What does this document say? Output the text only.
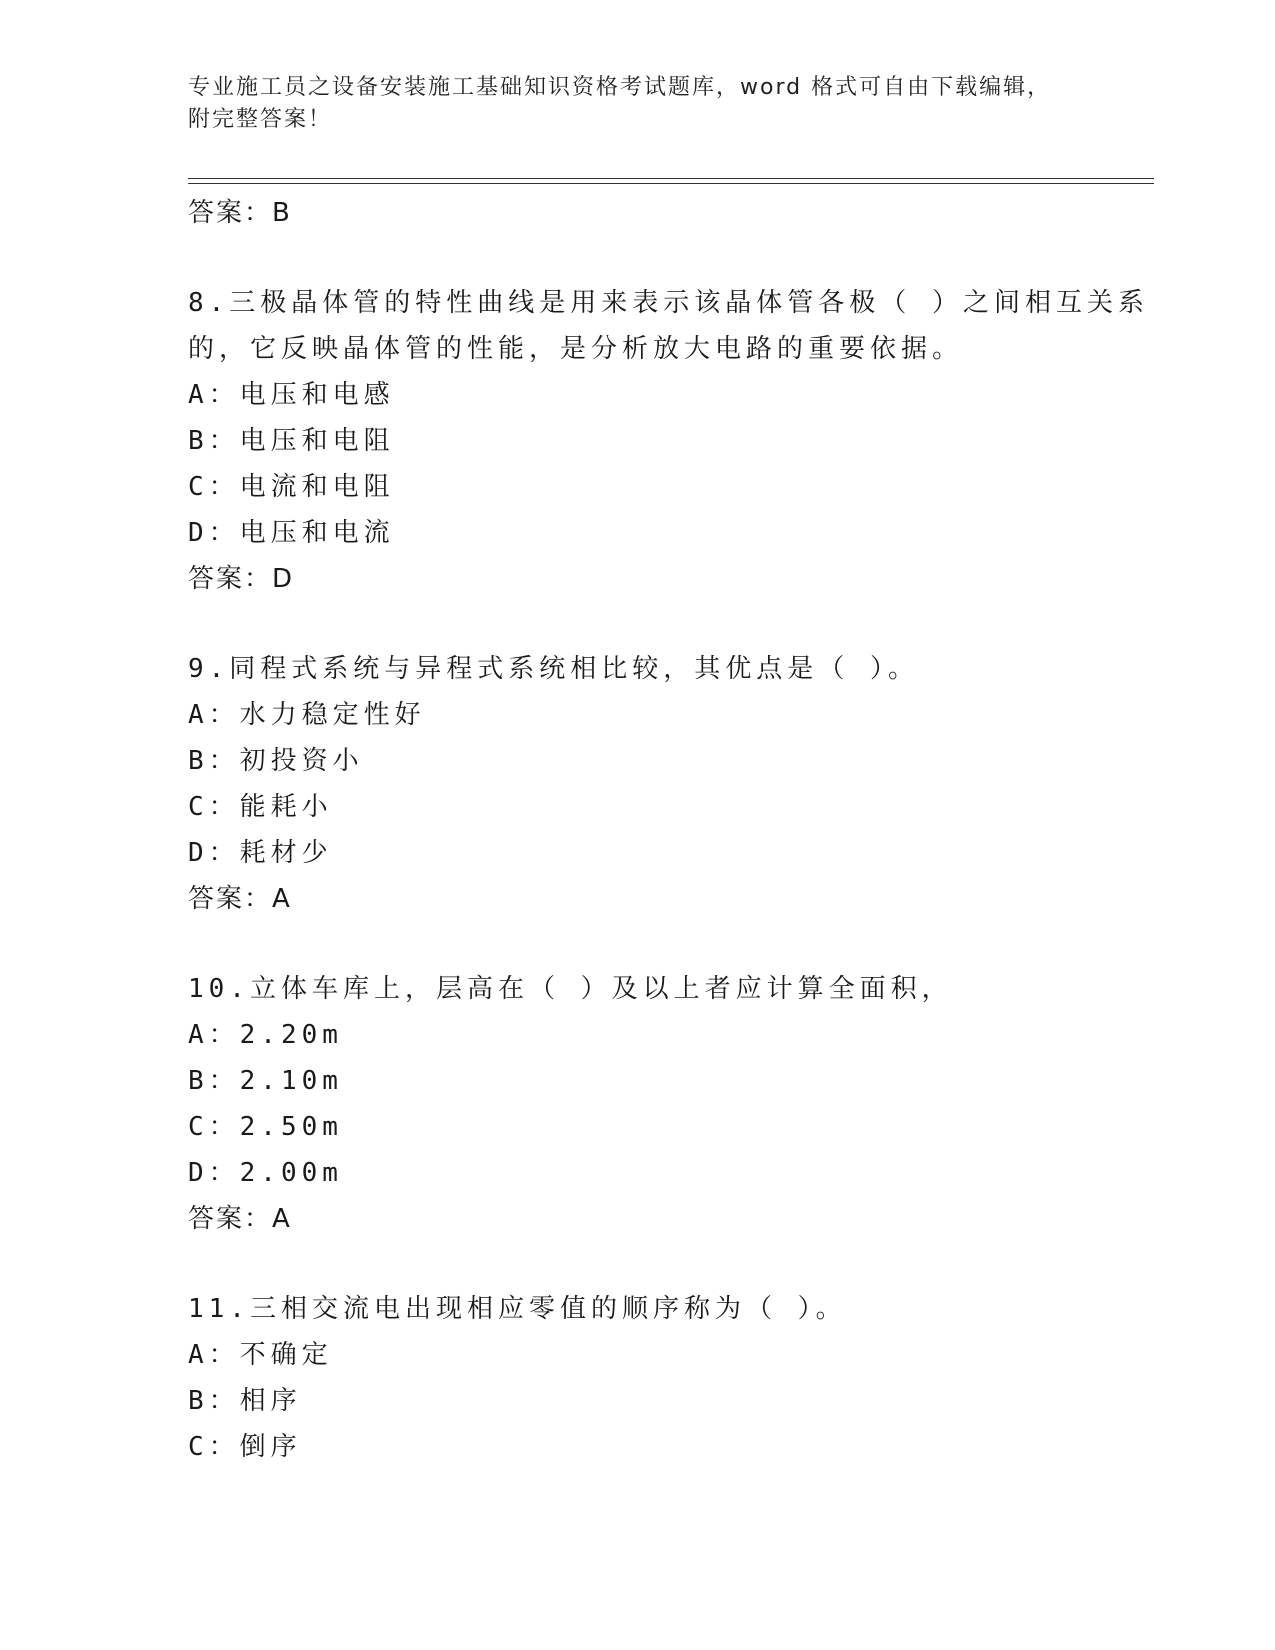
专业施工员之设备安装施工基础知识资格考试题库，word 格式可自由下载编辑，
附完整答案！
答案：B
8.三极晶体管的特性曲线是用来表示该晶体管各极（ ）之间相互关系
的，它反映晶体管的性能，是分析放大电路的重要依据。
A：电压和电感
B：电压和电阻
C：电流和电阻
D：电压和电流
答案：D
9.同程式系统与异程式系统相比较，其优点是（ ）。
A：水力稳定性好
B：初投资小
C：能耗小
D：耗材少
答案：A
10.立体车库上，层高在（ ）及以上者应计算全面积，
A：2.20m
B：2.10m
C：2.50m
D：2.00m
答案：A
11.三相交流电出现相应零值的顺序称为（ ）。
A：不确定
B：相序
C：倒序
